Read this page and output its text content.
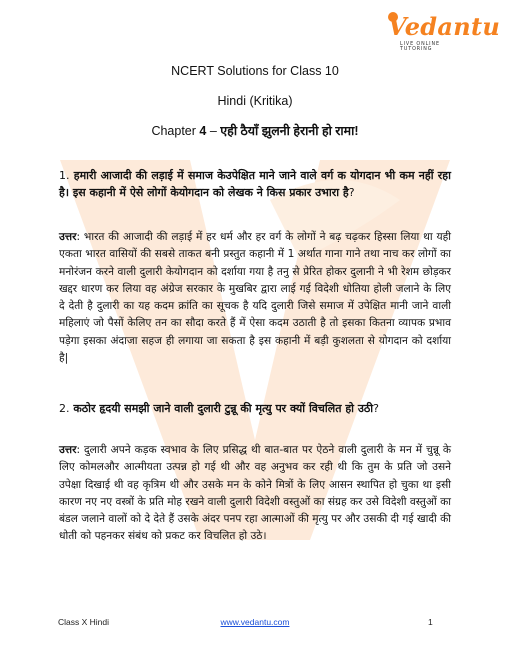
Vedantu
LIVE ONLINE TUTORING
NCERT Solutions for Class 10
Hindi (Kritika)
Chapter 4 – एही ठैयाँ झुलनी हेरानी हो रामा!
1. हमारी आजादी की लड़ाई में समाज केउपेक्षित माने जाने वाले वर्ग क योगदान भी कम नहीं रहा है। इस कहानी में ऐसे लोगों केयोगदान को लेखक ने किस प्रकार उभारा है?
उत्तर: भारत की आजादी की लड़ाई में हर धर्म और हर वर्ग के लोगों ने बढ़ चढ़कर हिस्सा लिया था यही एकता भारत वासियों की सबसे ताकत बनी प्रस्तुत कहानी में 1 अर्थात गाना गाने तथा नाच कर लोगों का मनोरंजन करने वाली दुलारी केयोगदान को दर्शाया गया है तनु से प्रेरित होकर दुलानी ने भी रेशम छोड़कर खद्दर धारण कर लिया वह अंग्रेज सरकार के मुखबिर द्वारा लाई गई विदेशी धोतिया होली जलाने के लिए दे देती है दुलारी का यह कदम क्रांति का सूचक है यदि दुलारी जिसे समाज में उपेक्षित मानी जाने वाली महिलाएं जो पैसों केलिए तन का सौदा करते हैं में ऐसा कदम उठाती है तो इसका कितना व्यापक प्रभाव पड़ेगा इसका अंदाजा सहज ही लगाया जा सकता है इस कहानी में बड़ी कुशलता से योगदान को दर्शाया है|
2. कठोर हृदयी समझी जाने वाली दुलारी टुन्नू की मृत्यु पर क्यों विचलित हो उठी?
उत्तर: दुलारी अपने कड़क स्वभाव के लिए प्रसिद्ध थी बात-बात पर ऐठने वाली दुलारी के मन में चुन्नू के लिए कोमलऔर आत्मीयता उत्पन्न हो गई थी और वह अनुभव कर रही थी कि तुम के प्रति जो उसने उपेक्षा दिखाई थी वह कृत्रिम थी और उसके मन के कोने मित्रों के लिए आसन स्थापित हो चुका था इसी कारण नए नए वस्त्रों के प्रति मोह रखने वाली दुलारी विदेशी वस्तुओं का संग्रह कर उसे विदेशी वस्तुओं का बंडल जलाने वालों को दे देते हैं उसके अंदर पनप रहा आत्माओं की मृत्यु पर और उसकी दी गई खादी की धोती को पहनकर संबंध को प्रकट कर विचलित हो उठे।
Class X Hindi	www.vedantu.com	1
